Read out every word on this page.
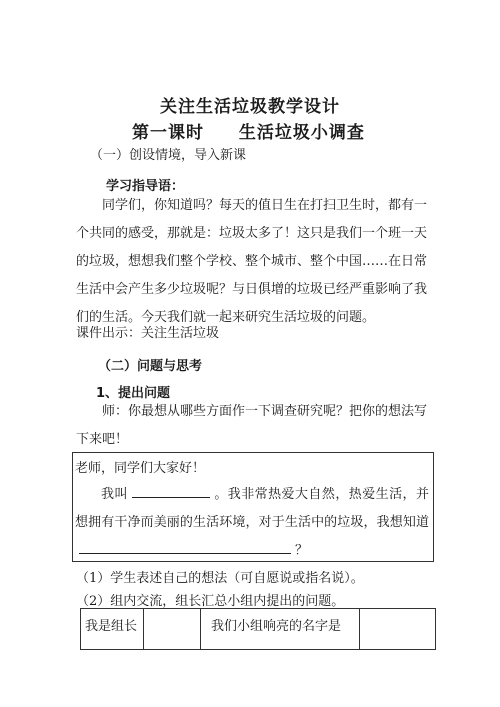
关注生活垃圾教学设计
第一课时 生活垃圾小调查
（一）创设情境，导入新课
学习指导语：
同学们，你知道吗？每天的值日生在打扫卫生时，都有一个共同的感受，那就是：垃圾太多了！这只是我们一个班一天的垃圾，想想我们整个学校、整个城市、整个中国……在日常生活中会产生多少垃圾呢？与日俱增的垃圾已经严重影响了我们的生活。今天我们就一起来研究生活垃圾的问题。
课件出示：关注生活垃圾
（二）问题与思考
1、提出问题
师：你最想从哪些方面作一下调查研究呢？把你的想法写下来吧！
老师，同学们大家好！
我叫	。我非常热爱大自然，热爱生活，并想拥有干净而美丽的生活环境，对于生活中的垃圾，我想知道？
（1）学生表述自己的想法（可自愿说或指名说）。
（2）组内交流，组长汇总小组内提出的问题。
我是组长		我们小组响亮的名字是	
